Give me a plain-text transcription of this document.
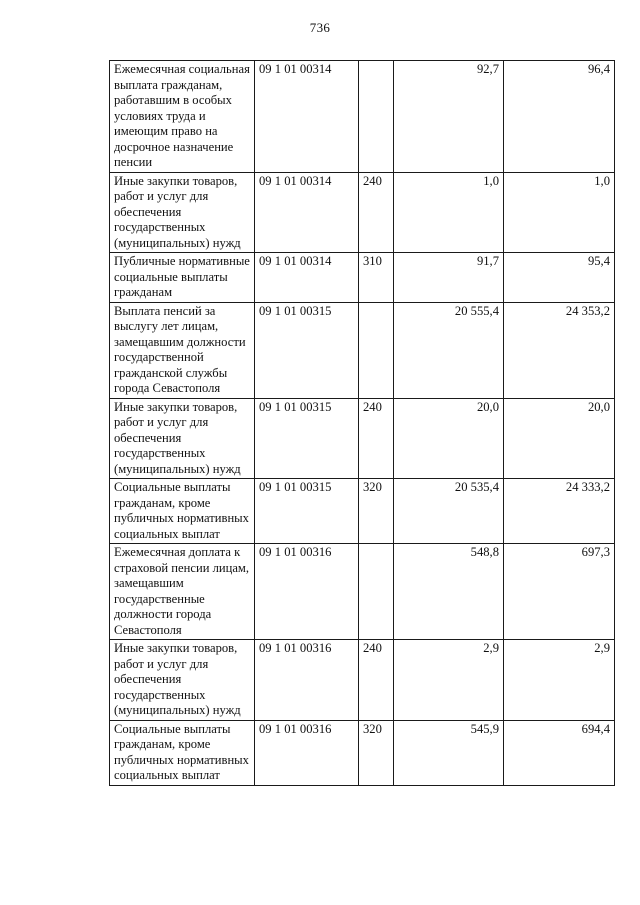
736
Ежемесячная социальная выплата гражданам, работавшим в особых условиях труда и имеющим право на досрочное назначение пенсии	09 1 01 00314		92,7	96,4
Иные закупки товаров, работ и услуг для обеспечения государственных (муниципальных) нужд	09 1 01 00314	240	1,0	1,0
Публичные нормативные социальные выплаты гражданам	09 1 01 00314	310	91,7	95,4
Выплата пенсий за выслугу лет лицам, замещавшим должности государственной гражданской службы города Севастополя	09 1 01 00315		20 555,4	24 353,2
Иные закупки товаров, работ и услуг для обеспечения государственных (муниципальных) нужд	09 1 01 00315	240	20,0	20,0
Социальные выплаты гражданам, кроме публичных нормативных социальных выплат	09 1 01 00315	320	20 535,4	24 333,2
Ежемесячная доплата к страховой пенсии лицам, замещавшим государственные должности города Севастополя	09 1 01 00316		548,8	697,3
Иные закупки товаров, работ и услуг для обеспечения государственных (муниципальных) нужд	09 1 01 00316	240	2,9	2,9
Социальные выплаты гражданам, кроме публичных нормативных социальных выплат	09 1 01 00316	320	545,9	694,4
